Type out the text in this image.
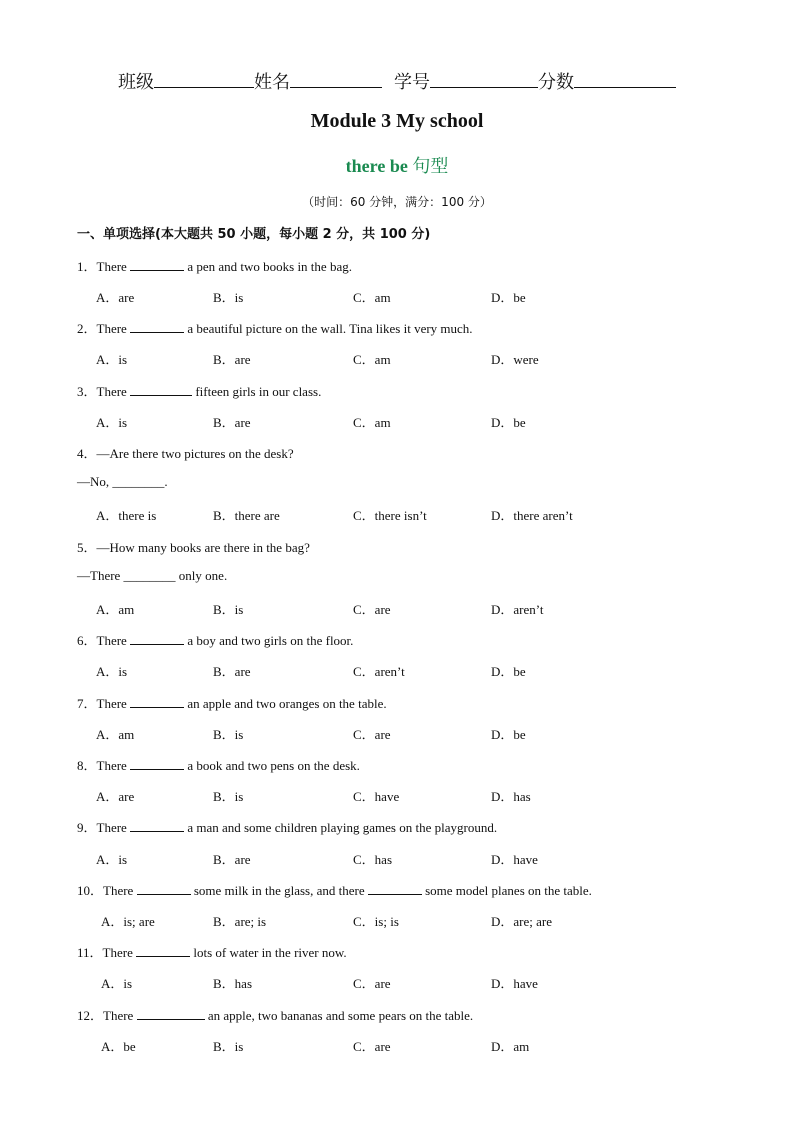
班级	姓名	学号	分数
Module 3 My school
there be 句型
（时间：60 分钟，满分：100 分）
一、单项选择(本大题共 50 小题，每小题 2 分，共 100 分)
1．There	a pen and two books in the bag.
A．are	B．is	C．am	D．be
2．There	a beautiful picture on the wall. Tina likes it very much.
A．is	B．are	C．am	D．were
3．There	fifteen girls in our class.
A．is	B．are	C．am	D．be
4．—Are there two pictures on the desk?
—No, ________.
A．there is	B．there are	C．there isn’t	D．there aren’t
5．—How many books are there in the bag?
—There ________ only one.
A．am	B．is	C．are	D．aren’t
6．There	a boy and two girls on the floor.
A．is	B．are	C．aren’t	D．be
7．There	an apple and two oranges on the table.
A．am	B．is	C．are	D．be
8．There	a book and two pens on the desk.
A．are	B．is	C．have	D．has
9．There	a man and some children playing games on the playground.
A．is	B．are	C．has	D．have
10．There	some milk in the glass, and there	some model planes on the table.
A．is; are	B．are; is	C．is; is	D．are; are
11．There	lots of water in the river now.
A．is	B．has	C．are	D．have
12．There	an apple, two bananas and some pears on the table.
A．be	B．is	C．are	D．am
